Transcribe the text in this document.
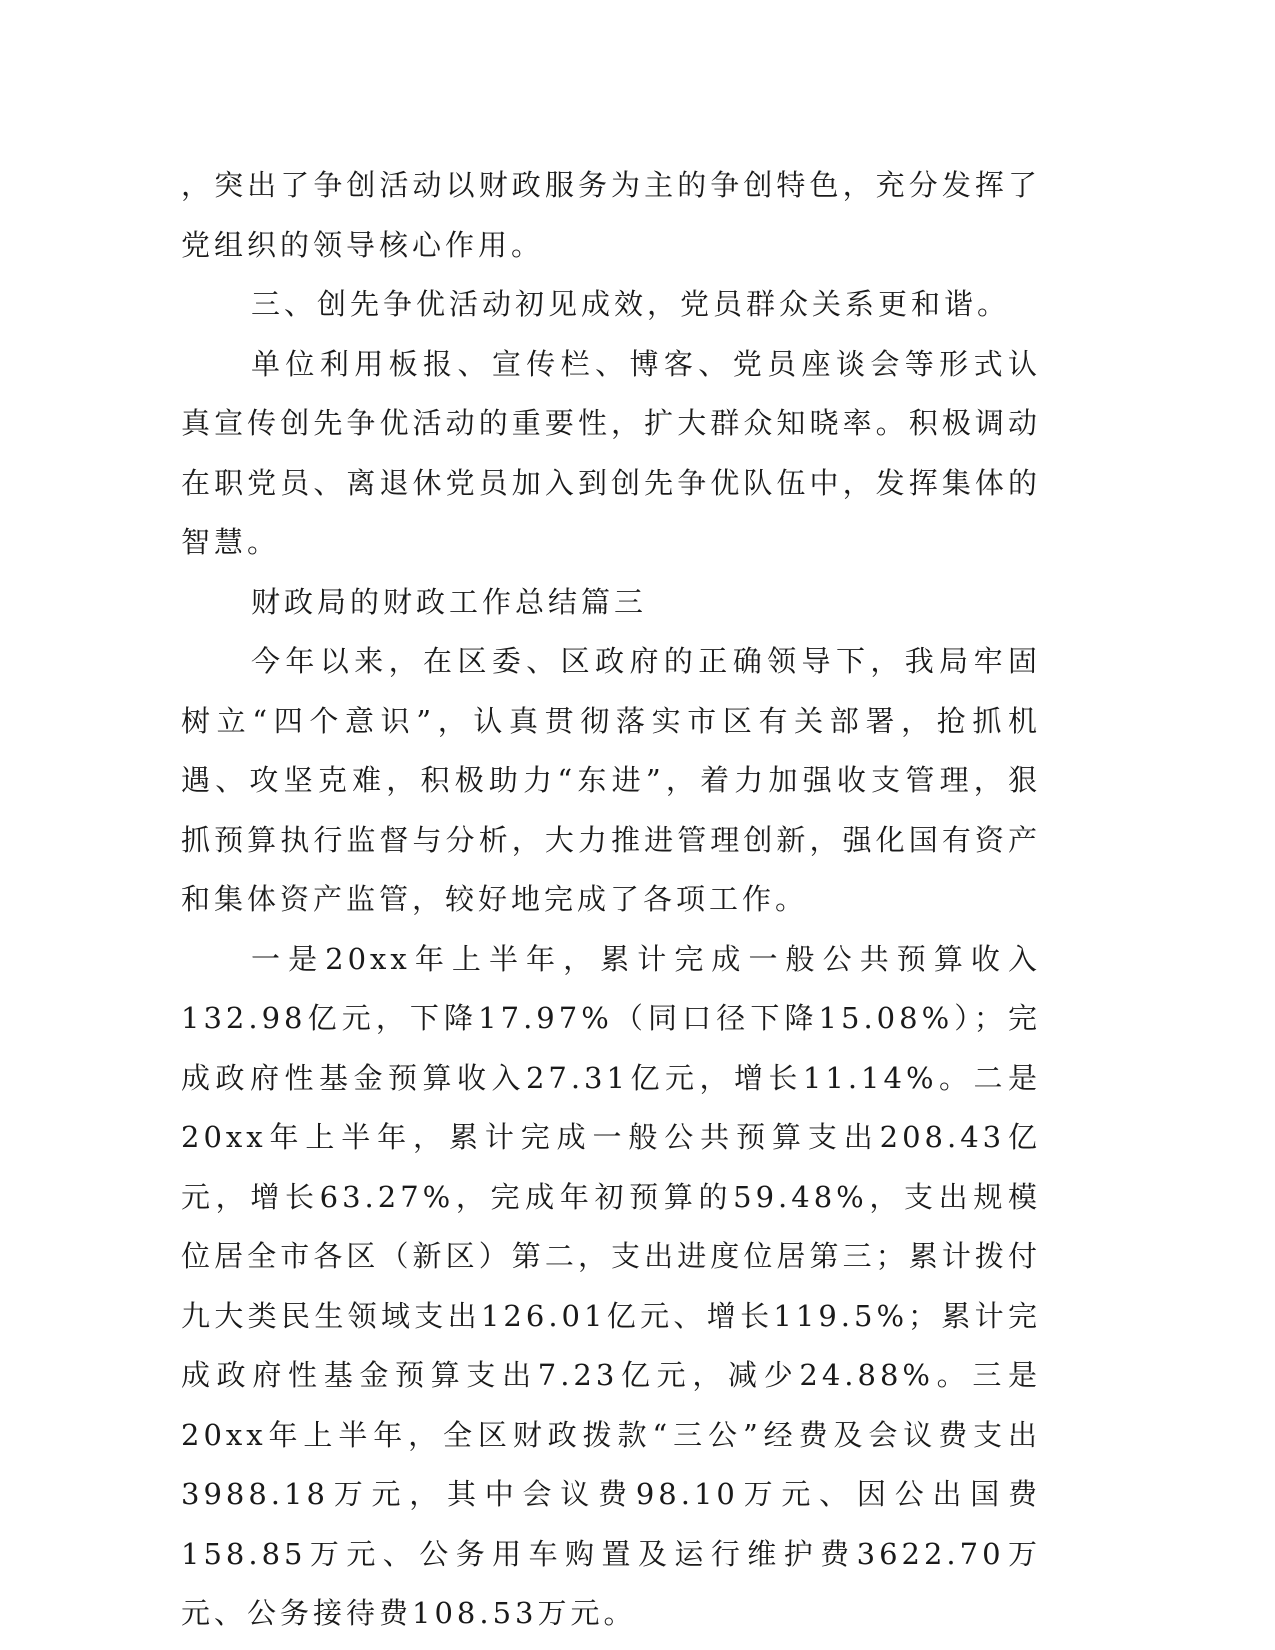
，突出了争创活动以财政服务为主的争创特色，充分发挥了党组织的领导核心作用。

三、创先争优活动初见成效，党员群众关系更和谐。

单位利用板报、宣传栏、博客、党员座谈会等形式认真宣传创先争优活动的重要性，扩大群众知晓率。积极调动在职党员、离退休党员加入到创先争优队伍中，发挥集体的智慧。

财政局的财政工作总结篇三

今年以来，在区委、区政府的正确领导下，我局牢固树立“四个意识”，认真贯彻落实市区有关部署，抢抓机遇、攻坚克难，积极助力“东进”，着力加强收支管理，狠抓预算执行监督与分析，大力推进管理创新，强化国有资产和集体资产监管，较好地完成了各项工作。

一是20xx年上半年，累计完成一般公共预算收入132.98亿元，下降17.97%（同口径下降15.08%）；完成政府性基金预算收入27.31亿元，增长11.14%。二是20xx年上半年，累计完成一般公共预算支出208.43亿元，增长63.27%，完成年初预算的59.48%，支出规模位居全市各区（新区）第二，支出进度位居第三；累计拨付九大类民生领域支出126.01亿元、增长119.5%；累计完成政府性基金预算支出7.23亿元，减少24.88%。三是20xx年上半年，全区财政拨款“三公”经费及会议费支出3988.18万元，其中会议费98.10万元、因公出国费158.85万元、公务用车购置及运行维护费3622.70万元、公务接待费108.53万元。
